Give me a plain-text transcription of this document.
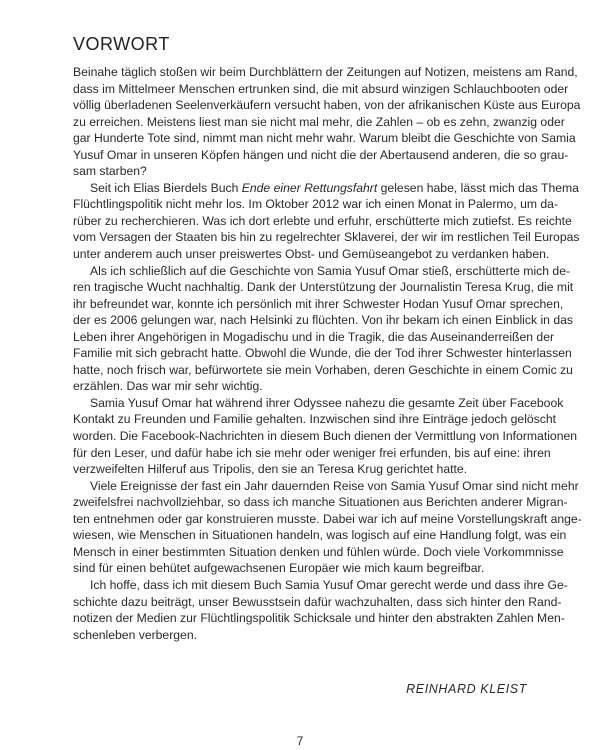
VORWORT
Beinahe täglich stoßen wir beim Durchblättern der Zeitungen auf Notizen, meistens am Rand,
dass im Mittelmeer Menschen ertrunken sind, die mit absurd winzigen Schlauchbooten oder
völlig überladenen Seelenverkäufern versucht haben, von der afrikanischen Küste aus Europa
zu erreichen. Meistens liest man sie nicht mal mehr, die Zahlen – ob es zehn, zwanzig oder
gar Hunderte Tote sind, nimmt man nicht mehr wahr. Warum bleibt die Geschichte von Samia
Yusuf Omar in unseren Köpfen hängen und nicht die der Abertausend anderen, die so grau-
sam starben?
Seit ich Elias Bierdels Buch Ende einer Rettungsfahrt gelesen habe, lässt mich das Thema
Flüchtlingspolitik nicht mehr los. Im Oktober 2012 war ich einen Monat in Palermo, um da-
rüber zu recherchieren. Was ich dort erlebte und erfuhr, erschütterte mich zutiefst. Es reichte
vom Versagen der Staaten bis hin zu regelrechter Sklaverei, der wir im restlichen Teil Europas
unter anderem auch unser preiswertes Obst- und Gemüseangebot zu verdanken haben.
Als ich schließlich auf die Geschichte von Samia Yusuf Omar stieß, erschütterte mich de-
ren tragische Wucht nachhaltig. Dank der Unterstützung der Journalistin Teresa Krug, die mit
ihr befreundet war, konnte ich persönlich mit ihrer Schwester Hodan Yusuf Omar sprechen,
der es 2006 gelungen war, nach Helsinki zu flüchten. Von ihr bekam ich einen Einblick in das
Leben ihrer Angehörigen in Mogadischu und in die Tragik, die das Auseinanderreißen der
Familie mit sich gebracht hatte. Obwohl die Wunde, die der Tod ihrer Schwester hinterlassen
hatte, noch frisch war, befürwortete sie mein Vorhaben, deren Geschichte in einem Comic zu
erzählen. Das war mir sehr wichtig.
Samia Yusuf Omar hat während ihrer Odyssee nahezu die gesamte Zeit über Facebook
Kontakt zu Freunden und Familie gehalten. Inzwischen sind ihre Einträge jedoch gelöscht
worden. Die Facebook-Nachrichten in diesem Buch dienen der Vermittlung von Informationen
für den Leser, und dafür habe ich sie mehr oder weniger frei erfunden, bis auf eine: ihren
verzweifelten Hilferuf aus Tripolis, den sie an Teresa Krug gerichtet hatte.
Viele Ereignisse der fast ein Jahr dauernden Reise von Samia Yusuf Omar sind nicht mehr
zweifelsfrei nachvollziehbar, so dass ich manche Situationen aus Berichten anderer Migran-
ten entnehmen oder gar konstruieren musste. Dabei war ich auf meine Vorstellungskraft ange-
wiesen, wie Menschen in Situationen handeln, was logisch auf eine Handlung folgt, was ein
Mensch in einer bestimmten Situation denken und fühlen würde. Doch viele Vorkommnisse
sind für einen behütet aufgewachsenen Europäer wie mich kaum begreifbar.
Ich hoffe, dass ich mit diesem Buch Samia Yusuf Omar gerecht werde und dass ihre Ge-
schichte dazu beiträgt, unser Bewusstsein dafür wachzuhalten, dass sich hinter den Rand-
notizen der Medien zur Flüchtlingspolitik Schicksale und hinter den abstrakten Zahlen Men-
schenleben verbergen.
REINHARD KLEIST
7
